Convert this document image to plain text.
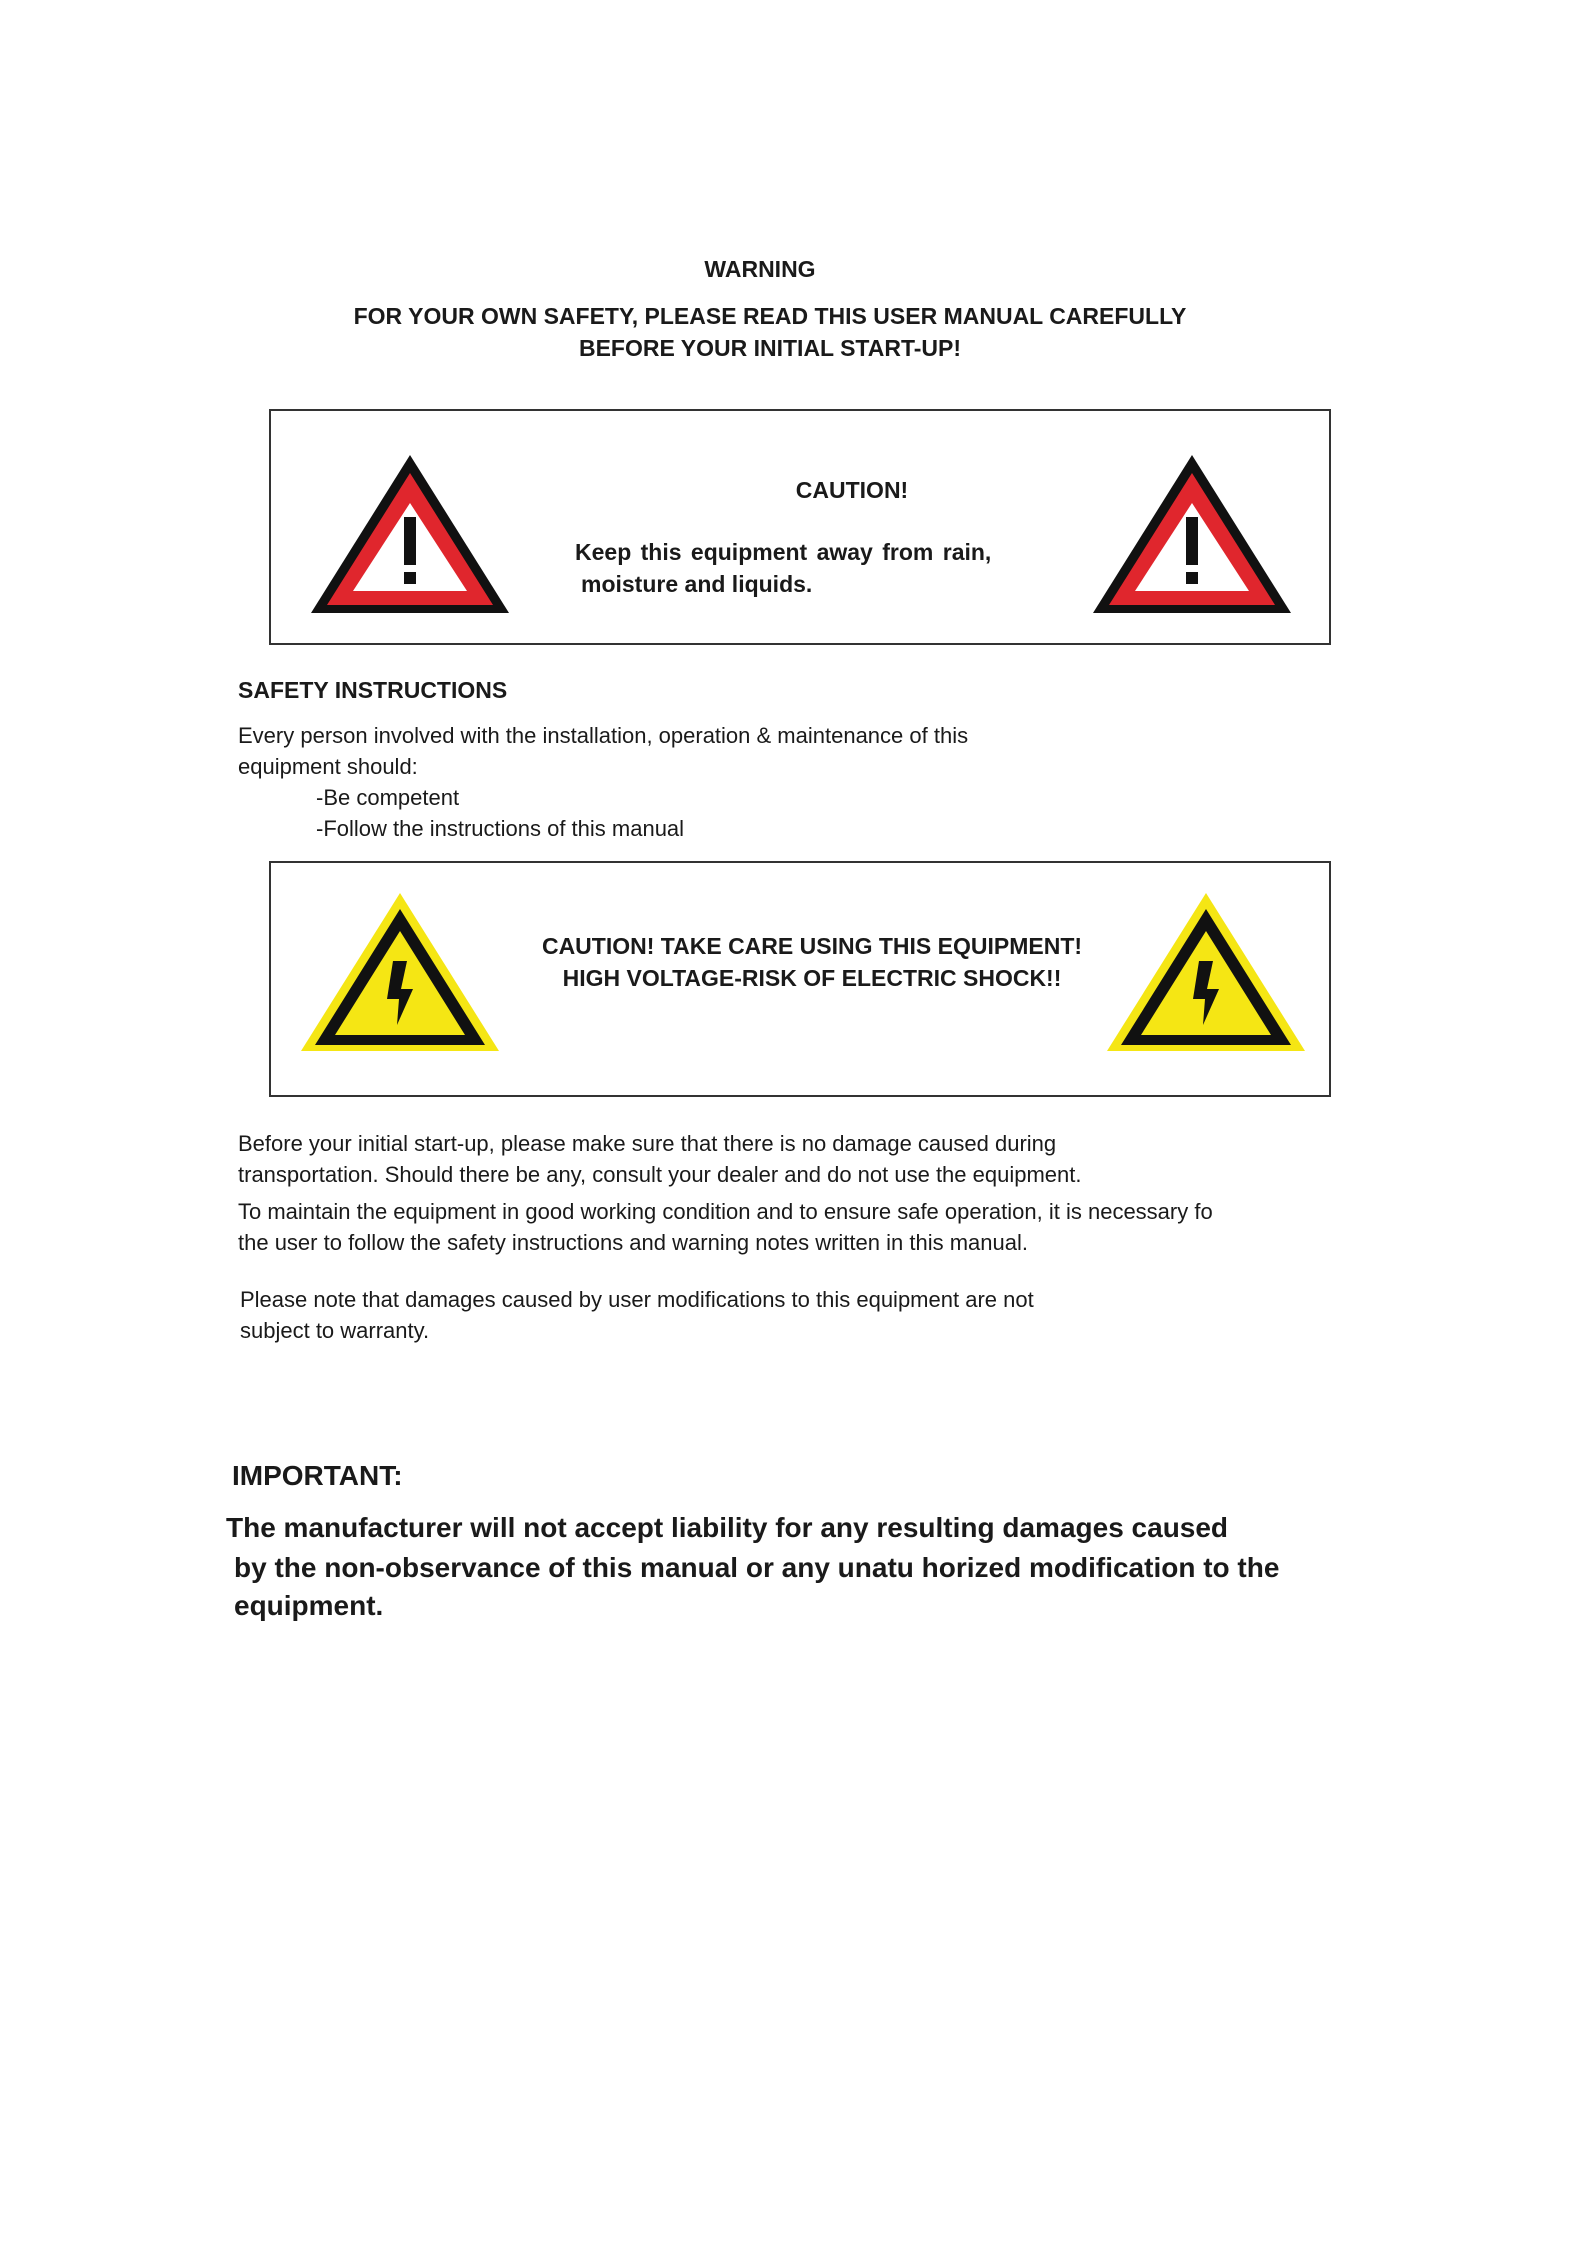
WARNING
FOR YOUR OWN SAFETY, PLEASE READ THIS USER MANUAL CAREFULLY
BEFORE YOUR INITIAL START-UP!
CAUTION!
Keep this equipment away from rain,
moisture and liquids.
SAFETY INSTRUCTIONS
Every person involved with the installation, operation & maintenance of this
equipment should:
-Be competent
-Follow the instructions of this manual
CAUTION! TAKE CARE USING THIS EQUIPMENT!
HIGH VOLTAGE-RISK OF ELECTRIC SHOCK!!
Before your initial start-up, please make sure that there is no damage caused during
transportation. Should there be any, consult your dealer and do not use the equipment.
To maintain the equipment in good working condition and to ensure safe operation, it is necessary fo
the user to follow the safety instructions and warning notes written in this manual.
Please note that damages caused by user modifications to this equipment are not
subject to warranty.
IMPORTANT:
The manufacturer will not accept liability for any resulting damages caused
by the non-observance of this manual or any unatu horized modification to the
equipment.
